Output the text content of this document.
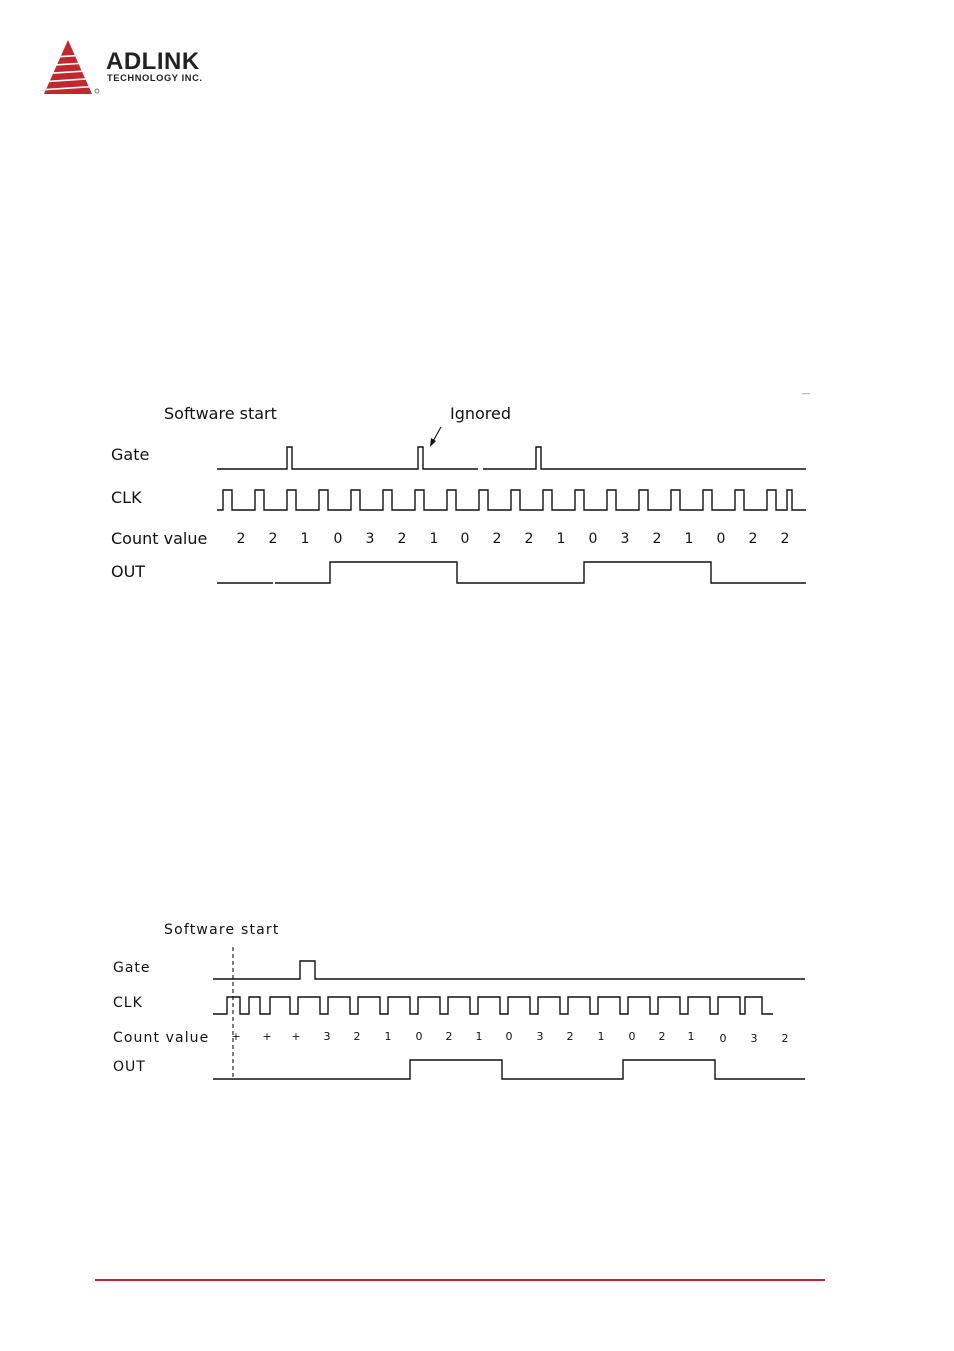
ADLINK
TECHNOLOGY INC.
Software start	Ignored
Gate
CLK
Count value
OUT
2 2 1 0 3 2 1 0 2 2 1 0 3 2 1 0 2 2
Software start
Gate
CLK
Count value
OUT
+ + + 3 2 1 0 2 1 0 3 2 1 0 2 1 0 3 2
